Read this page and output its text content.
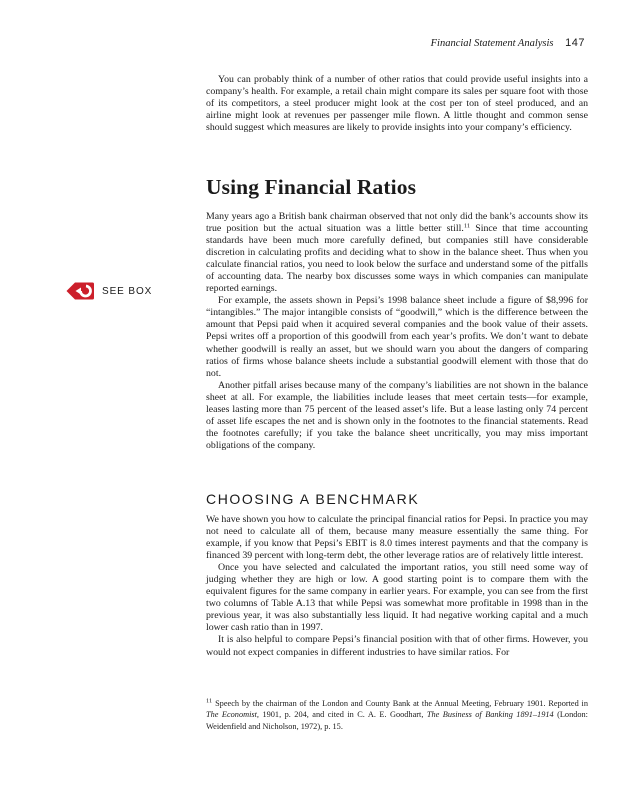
Financial Statement Analysis 147

You can probably think of a number of other ratios that could provide useful insights into a company’s health. For example, a retail chain might compare its sales per square foot with those of its competitors, a steel producer might look at the cost per ton of steel produced, and an airline might look at revenues per passenger mile flown. A little thought and common sense should suggest which measures are likely to provide insights into your company’s efficiency.

Using Financial Ratios
SEE BOX

Many years ago a British bank chairman observed that not only did the bank’s accounts show its true position but the actual situation was a little better still.$^{11}$ Since that time accounting standards have been much more carefully defined, but companies still have considerable discretion in calculating profits and deciding what to show in the balance sheet. Thus when you calculate financial ratios, you need to look below the surface and understand some of the pitfalls of accounting data. The nearby box discusses some ways in which companies can manipulate reported earnings.

For example, the assets shown in Pepsi’s 1998 balance sheet include a figure of $8,996 for “intangibles.” The major intangible consists of “goodwill,” which is the difference between the amount that Pepsi paid when it acquired several companies and the book value of their assets. Pepsi writes off a proportion of this goodwill from each year’s profits. We don’t want to debate whether goodwill is really an asset, but we should warn you about the dangers of comparing ratios of firms whose balance sheets include a substantial goodwill element with those that do not.

Another pitfall arises because many of the company’s liabilities are not shown in the balance sheet at all. For example, the liabilities include leases that meet certain tests—for example, leases lasting more than 75 percent of the leased asset’s life. But a lease lasting only 74 percent of asset life escapes the net and is shown only in the footnotes to the financial statements. Read the footnotes carefully; if you take the balance sheet uncritically, you may miss important obligations of the company.

CHOOSING A BENCHMARK

We have shown you how to calculate the principal financial ratios for Pepsi. In practice you may not need to calculate all of them, because many measure essentially the same thing. For example, if you know that Pepsi’s EBIT is 8.0 times interest payments and that the company is financed 39 percent with long-term debt, the other leverage ratios are of relatively little interest.

Once you have selected and calculated the important ratios, you still need some way of judging whether they are high or low. A good starting point is to compare them with the equivalent figures for the same company in earlier years. For example, you can see from the first two columns of Table A.13 that while Pepsi was somewhat more profitable in 1998 than in the previous year, it was also substantially less liquid. It had negative working capital and a much lower cash ratio than in 1997.

It is also helpful to compare Pepsi’s financial position with that of other firms. However, you would not expect companies in different industries to have similar ratios. For

$^{11}$ Speech by the chairman of the London and County Bank at the Annual Meeting, February 1901. Reported in The Economist, 1901, p. 204, and cited in C. A. E. Goodhart, The Business of Banking 1891–1914 (London: Weidenfield and Nicholson, 1972), p. 15.
